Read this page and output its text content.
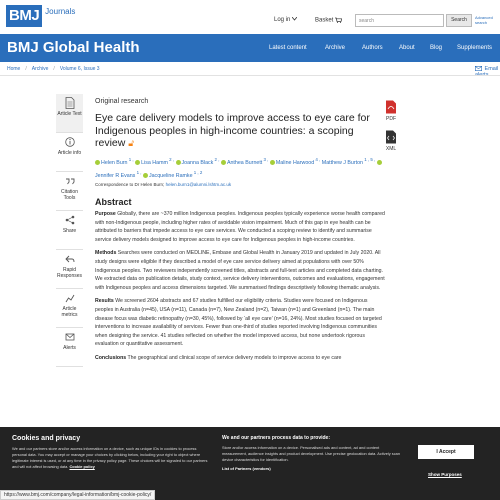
BMJ Journals
Log in	Basket	search	Search	Advanced search
BMJ Global Health	Latest content	Archive	Authors	About	Blog Supplements
Home / Archive / Volume 6, Issue 3	Email
Article Text
Article info
Citation Tools
Share
Rapid Responses
Article metrics
Alerts
PDF
XML
Original research
Eye care delivery models to improve access to eye care for Indigenous peoples in high-income countries: a scoping review 🔓︎
Helen Burn $^{1 ,}$ Lisa Hamm $^{2 ,}$ Joanna Black $^{2 ,}$ Anthea Burnett $^{3 ,}$ Maline Harwood $^{4 ,}$ Matthew J Burton $^{1 , 5 ,}$ Jennifer R Evans $^{1 ,}$ Jacqueline Ramke $^{1 , 2}$
Correspondence to Dr Helen Burn; helen.burn1@alumni.lshtm.ac.uk
Abstract

Purpose Globally, there are ~370 million Indigenous peoples. Indigenous peoples typically experience worse health compared with non-Indigenous people, including higher rates of avoidable vision impairment. Much of this gap in eye health can be attributed to barriers that impede access to eye care services. We conducted a scoping review to identify and summarise service delivery models designed to improve access to eye care for Indigenous peoples in high-income countries.

Methods Searches were conducted on MEDLINE, Embase and Global Health in January 2019 and updated in July 2020. All study designs were eligible if they described a model of eye care service delivery aimed at populations with over 50% Indigenous peoples. Two reviewers independently screened titles, abstracts and full-text articles and completed data charting. We extracted data on publication details, study context, service delivery interventions, outcomes and evaluations, engagement with Indigenous peoples and access dimensions targeted. We summarised findings descriptively following thematic analysis.

Results We screened 2604 abstracts and 67 studies fulfilled our eligibility criteria. Studies were focused on Indigenous peoples in Australia (n=45), USA (n=11), Canada (n=7), New Zealand (n=2), Taiwan (n=1) and Greenland (n=1). The main disease focus was diabetic retinopathy (n=30, 45%), followed by ‘all eye care’ (n=16, 24%). Most studies focused on targeted interventions to increase availability of services. Fewer than one-third of studies reported involving Indigenous communities when designing the service. 41 studies reflected on whether the model improved access, but none undertook rigorous evaluation or quantitative assessment.

Conclusions The geographical and clinical scope of service delivery models to improve access to eye care

Cookies and privacy
We and our partners store and/or access information on a device, such as unique IDs in cookies to process personal data. You may accept or manage your choices by clicking below, including your right to object where legitimate interest is used, or at any time in the privacy policy page. These choices will be signaled to our partners and will not affect browsing data. Cookie policy
We and our partners process data to provide:
Store and/or access information on a device. Personalised ads and content, ad and content measurement, audience insights and product development. Use precise geolocation data. Actively scan device characteristics for identification.
List of Partners (vendors)
I Accept
Show Purposes
https://www.bmj.com/company/legal-information/bmj-cookie-policy/
